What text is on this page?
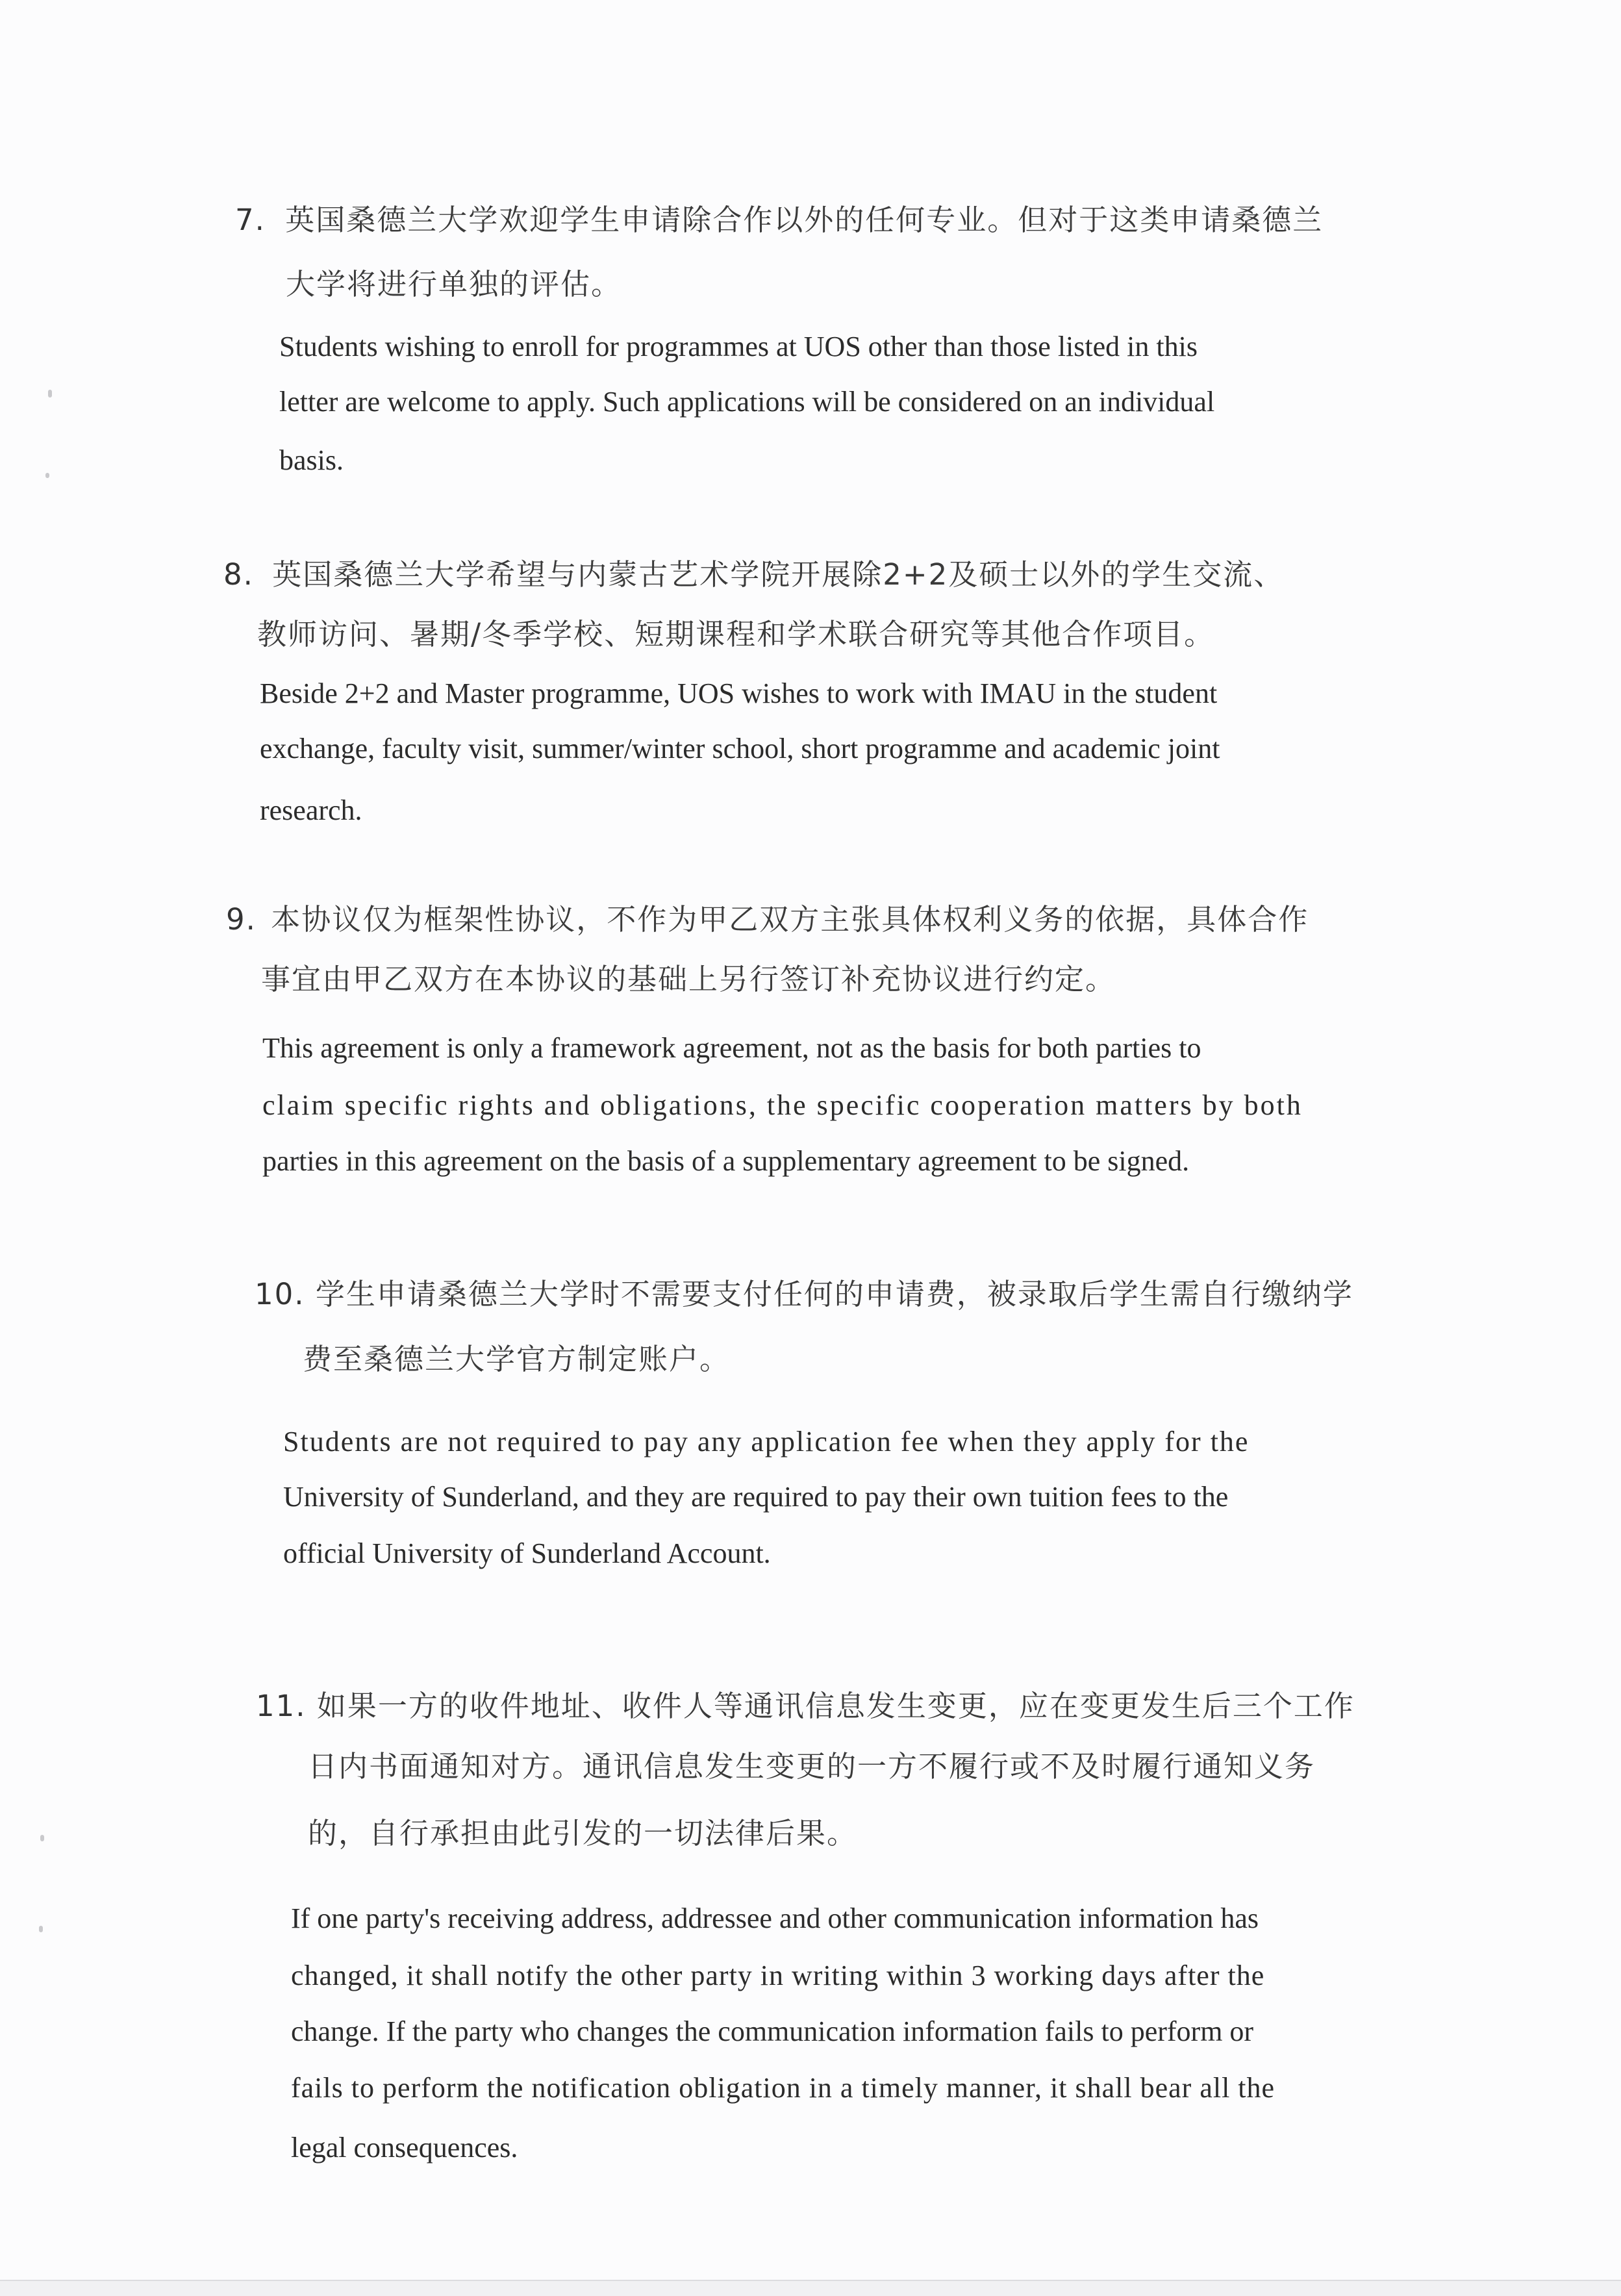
7. 英国桑德兰大学欢迎学生申请除合作以外的任何专业。但对于这类申请桑德兰
大学将进行单独的评估。
Students wishing to enroll for programmes at UOS other than those listed in this
letter are welcome to apply. Such applications will be considered on an individual
basis.
8. 英国桑德兰大学希望与内蒙古艺术学院开展除2+2及硕士以外的学生交流、
教师访问、暑期/冬季学校、短期课程和学术联合研究等其他合作项目。
Beside 2+2 and Master programme, UOS wishes to work with IMAU in the student
exchange, faculty visit, summer/winter school, short programme and academic joint
research.
9. 本协议仅为框架性协议，不作为甲乙双方主张具体权利义务的依据，具体合作
事宜由甲乙双方在本协议的基础上另行签订补充协议进行约定。
This agreement is only a framework agreement, not as the basis for both parties to
claim specific rights and obligations, the specific cooperation matters by both
parties in this agreement on the basis of a supplementary agreement to be signed.
10. 学生申请桑德兰大学时不需要支付任何的申请费，被录取后学生需自行缴纳学
费至桑德兰大学官方制定账户。
Students are not required to pay any application fee when they apply for the
University of Sunderland, and they are required to pay their own tuition fees to the
official University of Sunderland Account.
11. 如果一方的收件地址、收件人等通讯信息发生变更，应在变更发生后三个工作
日内书面通知对方。通讯信息发生变更的一方不履行或不及时履行通知义务
的，自行承担由此引发的一切法律后果。
If one party's receiving address, addressee and other communication information has
changed, it shall notify the other party in writing within 3 working days after the
change. If the party who changes the communication information fails to perform or
fails to perform the notification obligation in a timely manner, it shall bear all the
legal consequences.
